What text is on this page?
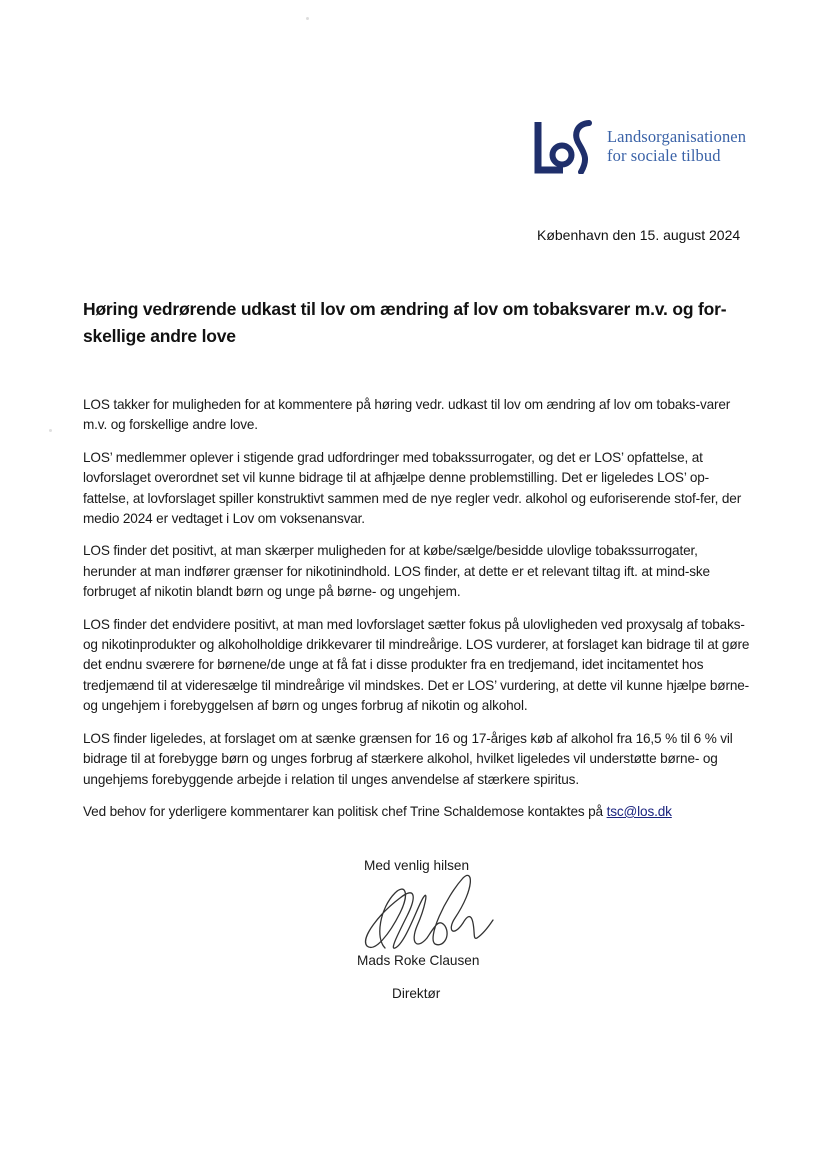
Landsorganisationen
for sociale tilbud
København den 15. august 2024
Høring vedrørende udkast til lov om ændring af lov om tobaksvarer m.v. og for-skellige andre love

LOS takker for muligheden for at kommentere på høring vedr. udkast til lov om ændring af lov om tobaks-varer m.v. og forskellige andre love.

LOS’ medlemmer oplever i stigende grad udfordringer med tobakssurrogater, og det er LOS’ opfattelse, at lovforslaget overordnet set vil kunne bidrage til at afhjælpe denne problemstilling. Det er ligeledes LOS’ op-fattelse, at lovforslaget spiller konstruktivt sammen med de nye regler vedr. alkohol og euforiserende stof-fer, der medio 2024 er vedtaget i Lov om voksenansvar.

LOS finder det positivt, at man skærper muligheden for at købe/sælge/besidde ulovlige tobakssurrogater, herunder at man indfører grænser for nikotinindhold. LOS finder, at dette er et relevant tiltag ift. at mind-ske forbruget af nikotin blandt børn og unge på børne- og ungehjem.

LOS finder det endvidere positivt, at man med lovforslaget sætter fokus på ulovligheden ved proxysalg af tobaks- og nikotinprodukter og alkoholholdige drikkevarer til mindreårige. LOS vurderer, at forslaget kan bidrage til at gøre det endnu sværere for børnene/de unge at få fat i disse produkter fra en tredjemand, idet incitamentet hos tredjemænd til at videresælge til mindreårige vil mindskes. Det er LOS’ vurdering, at dette vil kunne hjælpe børne- og ungehjem i forebyggelsen af børn og unges forbrug af nikotin og alkohol.

LOS finder ligeledes, at forslaget om at sænke grænsen for 16 og 17-åriges køb af alkohol fra 16,5 % til 6 % vil bidrage til at forebygge børn og unges forbrug af stærkere alkohol, hvilket ligeledes vil understøtte børne- og ungehjems forebyggende arbejde i relation til unges anvendelse af stærkere spiritus.

Ved behov for yderligere kommentarer kan politisk chef Trine Schaldemose kontaktes på tsc@los.dk

Med venlig hilsen
Mads Roke Clausen
Direktør
